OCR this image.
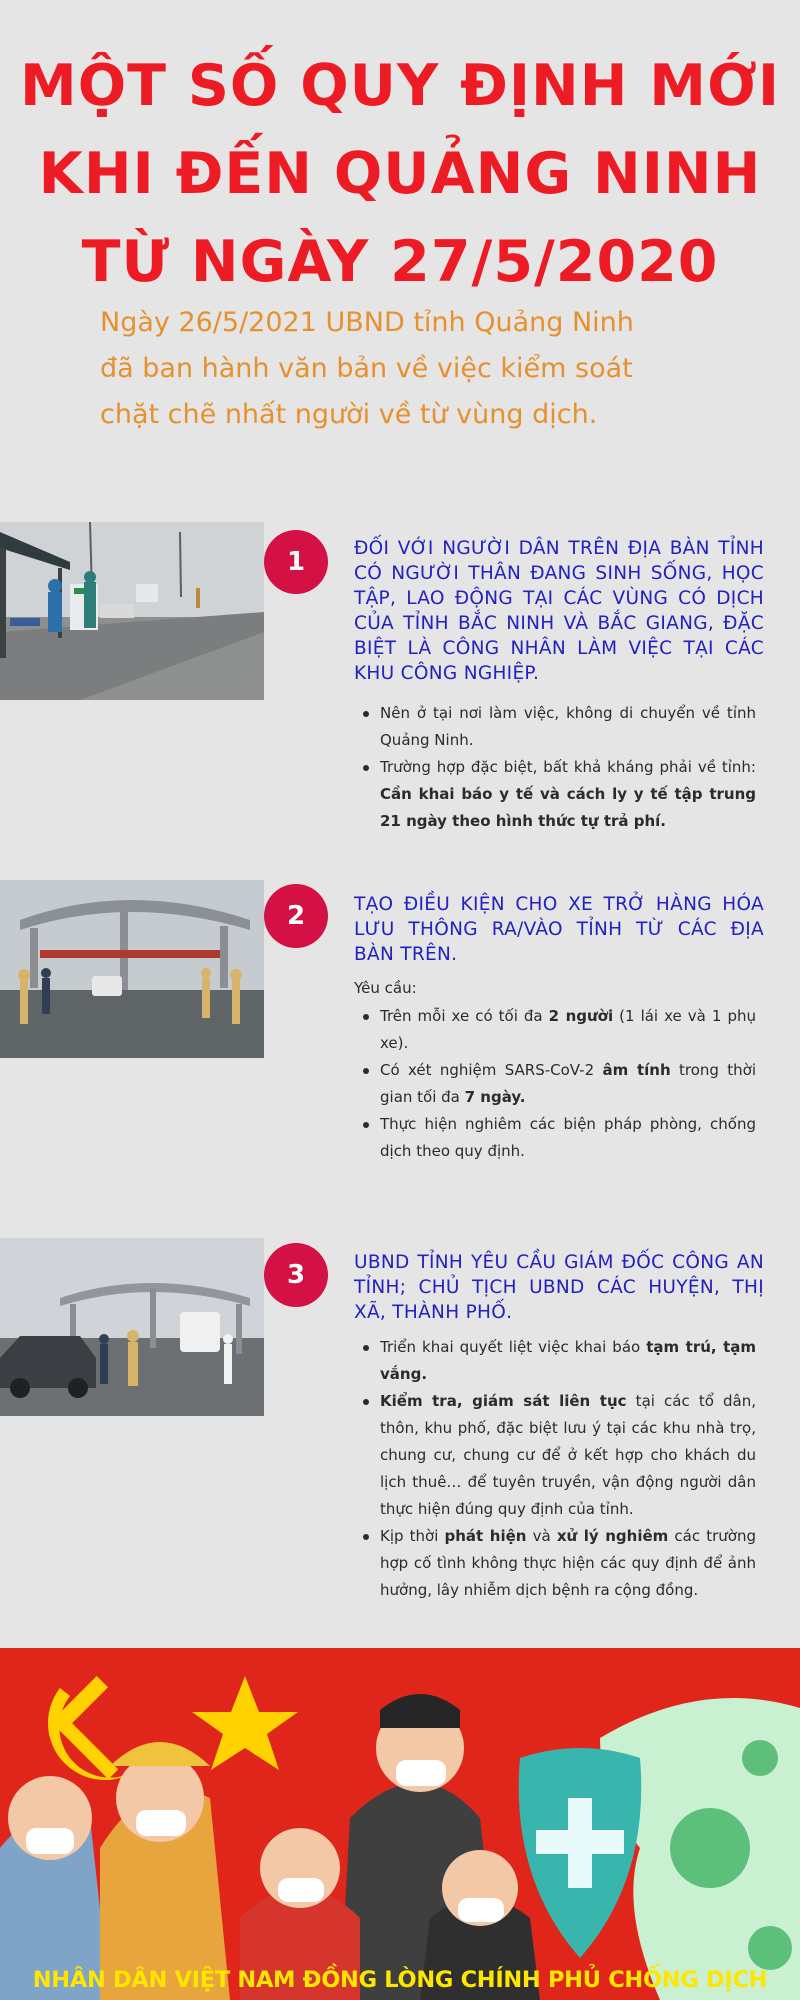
MỘT SỐ QUY ĐỊNH MỚI
KHI ĐẾN QUẢNG NINH
TỪ NGÀY 27/5/2020
Ngày 26/5/2021 UBND tỉnh Quảng Ninh
đã ban hành văn bản về việc kiểm soát
chặt chẽ nhất người về từ vùng dịch.
1	ĐỐI VỚI NGƯỜI DÂN TRÊN ĐỊA BÀN TỈNH CÓ NGƯỜI THÂN ĐANG SINH SỐNG, HỌC TẬP, LAO ĐỘNG TẠI CÁC VÙNG CÓ DỊCH CỦA TỈNH BẮC NINH VÀ BẮC GIANG, ĐẶC BIỆT LÀ CÔNG NHÂN LÀM VIỆC TẠI CÁC KHU CÔNG NGHIỆP.
Nên ở tại nơi làm việc, không di chuyển về tỉnh Quảng Ninh.
Trường hợp đặc biệt, bất khả kháng phải về tỉnh: Cần khai báo y tế và cách ly y tế tập trung 21 ngày theo hình thức tự trả phí.
2	TẠO ĐIỀU KIỆN CHO XE TRỞ HÀNG HÓA LƯU THÔNG RA/VÀO TỈNH TỪ CÁC ĐỊA BÀN TRÊN.
Yêu cầu:
Trên mỗi xe có tối đa 2 người (1 lái xe và 1 phụ xe).
Có xét nghiệm SARS-CoV-2 âm tính trong thời gian tối đa 7 ngày.
Thực hiện nghiêm các biện pháp phòng, chống dịch theo quy định.
3	UBND TỈNH YÊU CẦU GIÁM ĐỐC CÔNG AN TỈNH; CHỦ TỊCH UBND CÁC HUYỆN, THỊ XÃ, THÀNH PHỐ.
Triển khai quyết liệt việc khai báo tạm trú, tạm vắng.
Kiểm tra, giám sát liên tục tại các tổ dân, thôn, khu phố, đặc biệt lưu ý tại các khu nhà trọ, chung cư, chung cư để ở kết hợp cho khách du lịch thuê… để tuyên truyền, vận động người dân thực hiện đúng quy định của tỉnh.
Kịp thời phát hiện và xử lý nghiêm các trường hợp cố tình không thực hiện các quy định để ảnh hưởng, lây nhiễm dịch bệnh ra cộng đồng.
NHÂN DÂN VIỆT NAM ĐỒNG LÒNG CHÍNH PHỦ CHỐNG DỊCH
